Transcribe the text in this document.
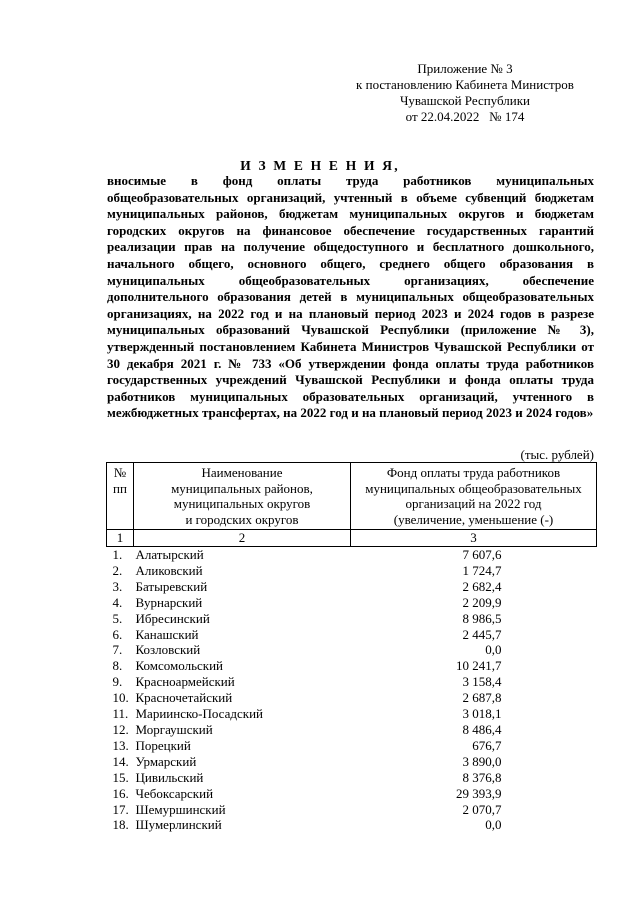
Приложение № 3
к постановлению Кабинета Министров
Чувашской Республики
от 22.04.2022   № 174
И З М Е Н Е Н И Я,
вносимые в фонд оплаты труда работников муниципальных общеобразовательных организаций, учтенный в объеме субвенций бюджетам муниципальных районов, бюджетам муниципальных округов и бюджетам городских округов на финансовое обеспечение государственных гарантий реализации прав на получение общедоступного и бесплатного дошкольного, начального общего, основного общего, среднего общего образования в муниципальных общеобразовательных организациях, обеспечение дополнительного образования детей в муниципальных общеобразовательных организациях, на 2022 год и на плановый период 2023 и 2024 годов в разрезе муниципальных образований Чувашской Республики (приложение № 3), утвержденный постановлением Кабинета Министров Чувашской Республики от 30 декабря 2021 г. № 733 «Об утверждении фонда оплаты труда работников государственных учреждений Чувашской Республики и фонда оплаты труда работников муниципальных образовательных организаций, учтенного в межбюджетных трансфертах, на 2022 год и на плановый период 2023 и 2024 годов»
(тыс. рублей)
№
пп	Наименование
муниципальных районов,
муниципальных округов
и городских округов	Фонд оплаты труда работников
муниципальных общеобразовательных
организаций на 2022 год
(увеличение, уменьшение (-)
1	2	3
1.	Алатырский	7 607,6
2.	Аликовский	1 724,7
3.	Батыревский	2 682,4
4.	Вурнарский	2 209,9
5.	Ибресинский	8 986,5
6.	Канашский	2 445,7
7.	Козловский	0,0
8.	Комсомольский	10 241,7
9.	Красноармейский	3 158,4
10.	Красночетайский	2 687,8
11.	Мариинско-Посадский	3 018,1
12.	Моргаушский	8 486,4
13.	Порецкий	676,7
14.	Урмарский	3 890,0
15.	Цивильский	8 376,8
16.	Чебоксарский	29 393,9
17.	Шемуршинский	2 070,7
18.	Шумерлинский	0,0
